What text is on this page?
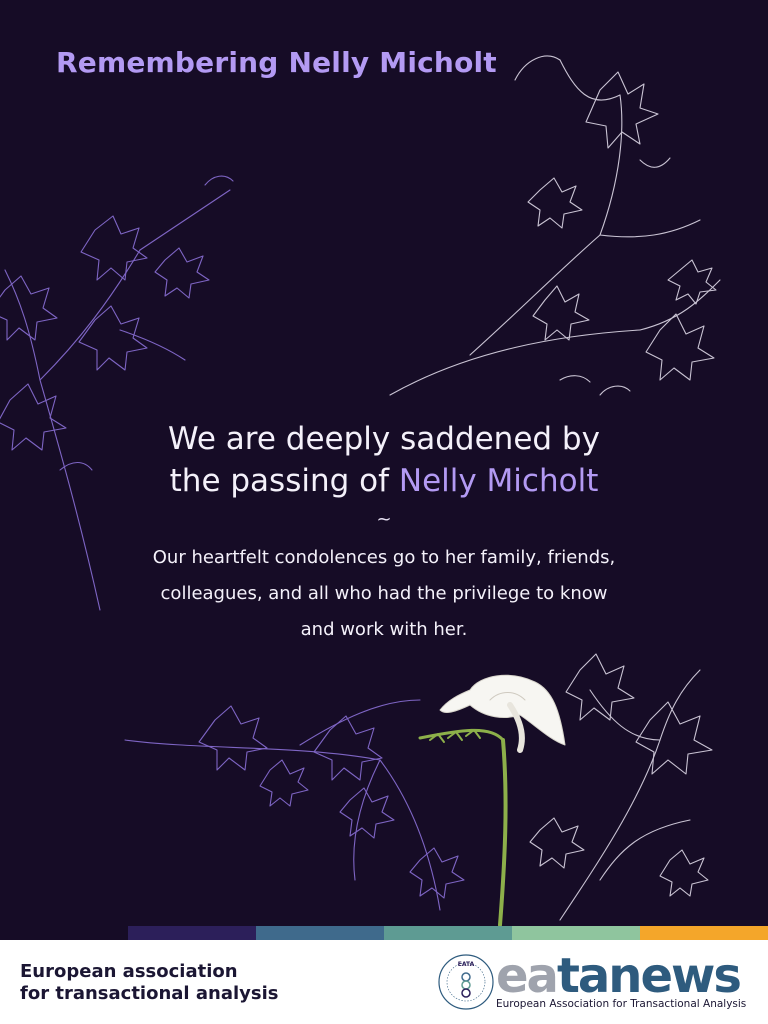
Remembering Nelly Micholt
We are deeply saddened by
the passing of Nelly Micholt
~

Our heartfelt condolences go to her family, friends, colleagues, and all who had the privilege to know and work with her.

European association
for transactional analysis
EATA eatanews
European Association for Transactional Analysis
